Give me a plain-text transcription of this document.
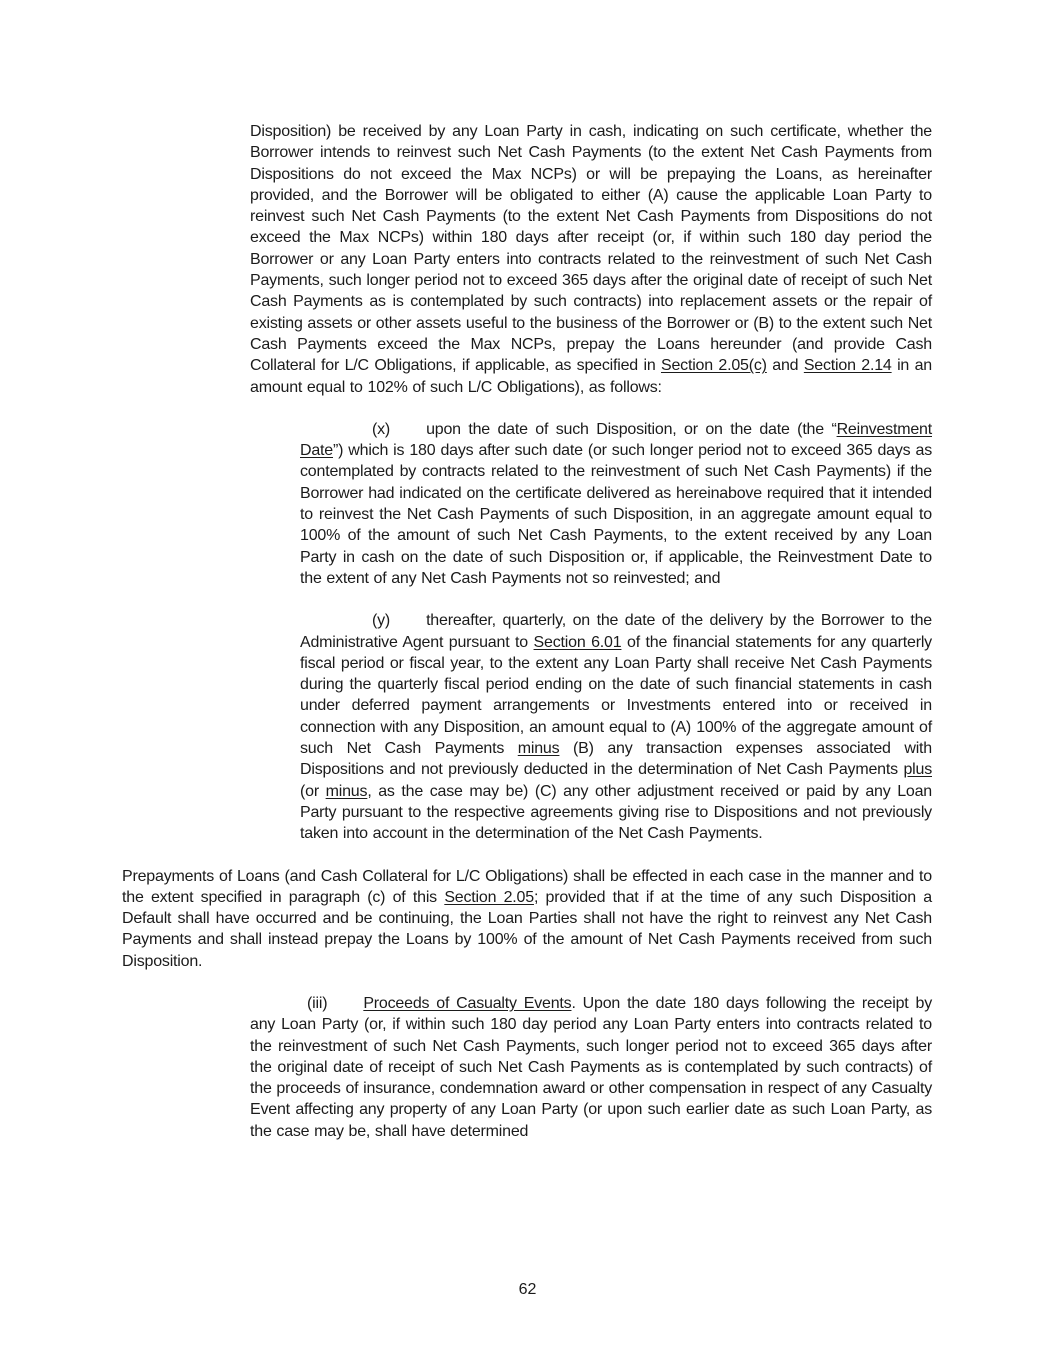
Disposition) be received by any Loan Party in cash, indicating on such certificate, whether the Borrower intends to reinvest such Net Cash Payments (to the extent Net Cash Payments from Dispositions do not exceed the Max NCPs) or will be prepaying the Loans, as hereinafter provided, and the Borrower will be obligated to either (A) cause the applicable Loan Party to reinvest such Net Cash Payments (to the extent Net Cash Payments from Dispositions do not exceed the Max NCPs) within 180 days after receipt (or, if within such 180 day period the Borrower or any Loan Party enters into contracts related to the reinvestment of such Net Cash Payments, such longer period not to exceed 365 days after the original date of receipt of such Net Cash Payments as is contemplated by such contracts) into replacement assets or the repair of existing assets or other assets useful to the business of the Borrower or (B) to the extent such Net Cash Payments exceed the Max NCPs, prepay the Loans hereunder (and provide Cash Collateral for L/C Obligations, if applicable, as specified in Section 2.05(c) and Section 2.14 in an amount equal to 102% of such L/C Obligations), as follows:

(x) upon the date of such Disposition, or on the date (the “Reinvestment Date”) which is 180 days after such date (or such longer period not to exceed 365 days as contemplated by contracts related to the reinvestment of such Net Cash Payments) if the Borrower had indicated on the certificate delivered as hereinabove required that it intended to reinvest the Net Cash Payments of such Disposition, in an aggregate amount equal to 100% of the amount of such Net Cash Payments, to the extent received by any Loan Party in cash on the date of such Disposition or, if applicable, the Reinvestment Date to the extent of any Net Cash Payments not so reinvested; and

(y) thereafter, quarterly, on the date of the delivery by the Borrower to the Administrative Agent pursuant to Section 6.01 of the financial statements for any quarterly fiscal period or fiscal year, to the extent any Loan Party shall receive Net Cash Payments during the quarterly fiscal period ending on the date of such financial statements in cash under deferred payment arrangements or Investments entered into or received in connection with any Disposition, an amount equal to (A) 100% of the aggregate amount of such Net Cash Payments minus (B) any transaction expenses associated with Dispositions and not previously deducted in the determination of Net Cash Payments plus (or minus, as the case may be) (C) any other adjustment received or paid by any Loan Party pursuant to the respective agreements giving rise to Dispositions and not previously taken into account in the determination of the Net Cash Payments.

Prepayments of Loans (and Cash Collateral for L/C Obligations) shall be effected in each case in the manner and to the extent specified in paragraph (c) of this Section 2.05; provided that if at the time of any such Disposition a Default shall have occurred and be continuing, the Loan Parties shall not have the right to reinvest any Net Cash Payments and shall instead prepay the Loans by 100% of the amount of Net Cash Payments received from such Disposition.

(iii) Proceeds of Casualty Events. Upon the date 180 days following the receipt by any Loan Party (or, if within such 180 day period any Loan Party enters into contracts related to the reinvestment of such Net Cash Payments, such longer period not to exceed 365 days after the original date of receipt of such Net Cash Payments as is contemplated by such contracts) of the proceeds of insurance, condemnation award or other compensation in respect of any Casualty Event affecting any property of any Loan Party (or upon such earlier date as such Loan Party, as the case may be, shall have determined

62
